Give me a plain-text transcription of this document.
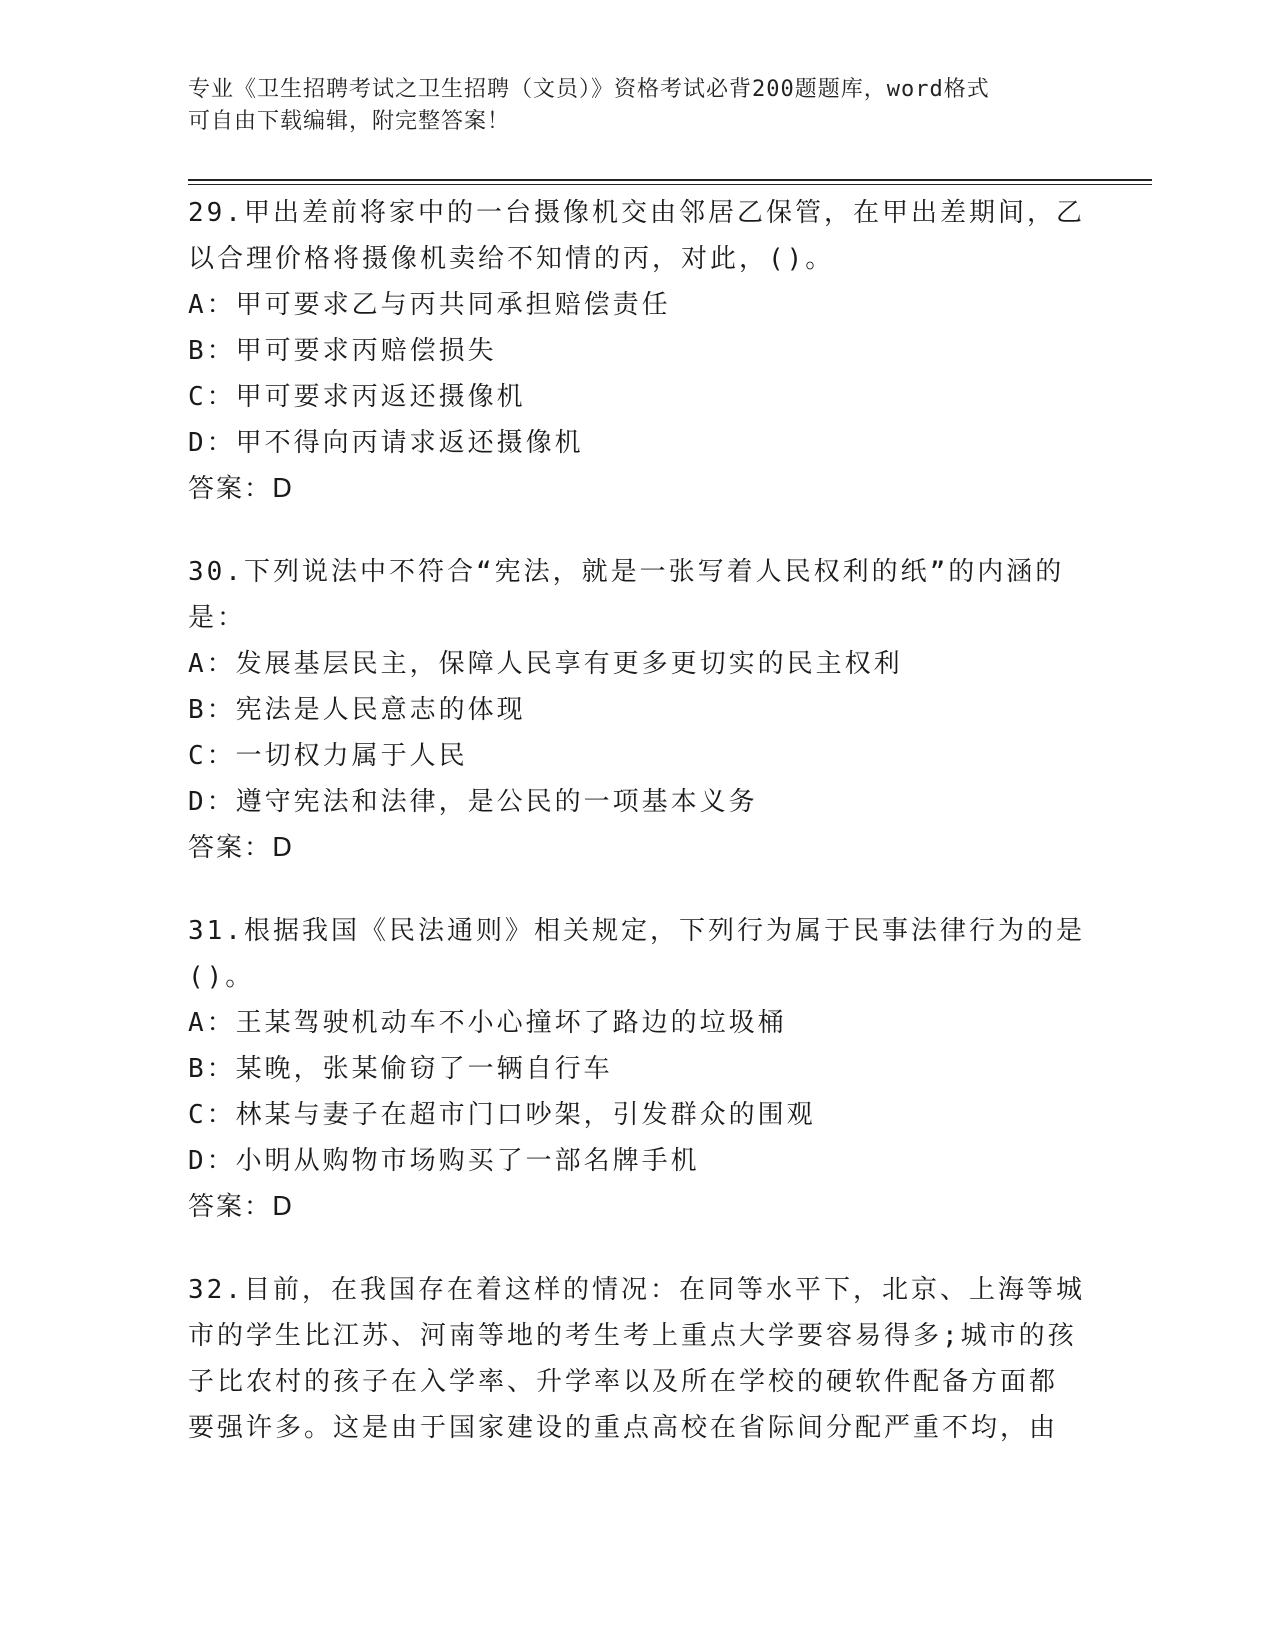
专业《卫生招聘考试之卫生招聘（文员）》资格考试必背200题题库，word格式
可自由下载编辑，附完整答案！
29.甲出差前将家中的一台摄像机交由邻居乙保管，在甲出差期间，乙
以合理价格将摄像机卖给不知情的丙，对此，()。
A：甲可要求乙与丙共同承担赔偿责任
B：甲可要求丙赔偿损失
C：甲可要求丙返还摄像机
D：甲不得向丙请求返还摄像机
答案：D
30.下列说法中不符合“宪法，就是一张写着人民权利的纸”的内涵的
是：
A：发展基层民主，保障人民享有更多更切实的民主权利
B：宪法是人民意志的体现
C：一切权力属于人民
D：遵守宪法和法律，是公民的一项基本义务
答案：D
31.根据我国《民法通则》相关规定，下列行为属于民事法律行为的是
()。
A：王某驾驶机动车不小心撞坏了路边的垃圾桶
B：某晚，张某偷窃了一辆自行车
C：林某与妻子在超市门口吵架，引发群众的围观
D：小明从购物市场购买了一部名牌手机
答案：D
32.目前，在我国存在着这样的情况：在同等水平下，北京、上海等城
市的学生比江苏、河南等地的考生考上重点大学要容易得多;城市的孩
子比农村的孩子在入学率、升学率以及所在学校的硬软件配备方面都
要强许多。这是由于国家建设的重点高校在省际间分配严重不均，由
